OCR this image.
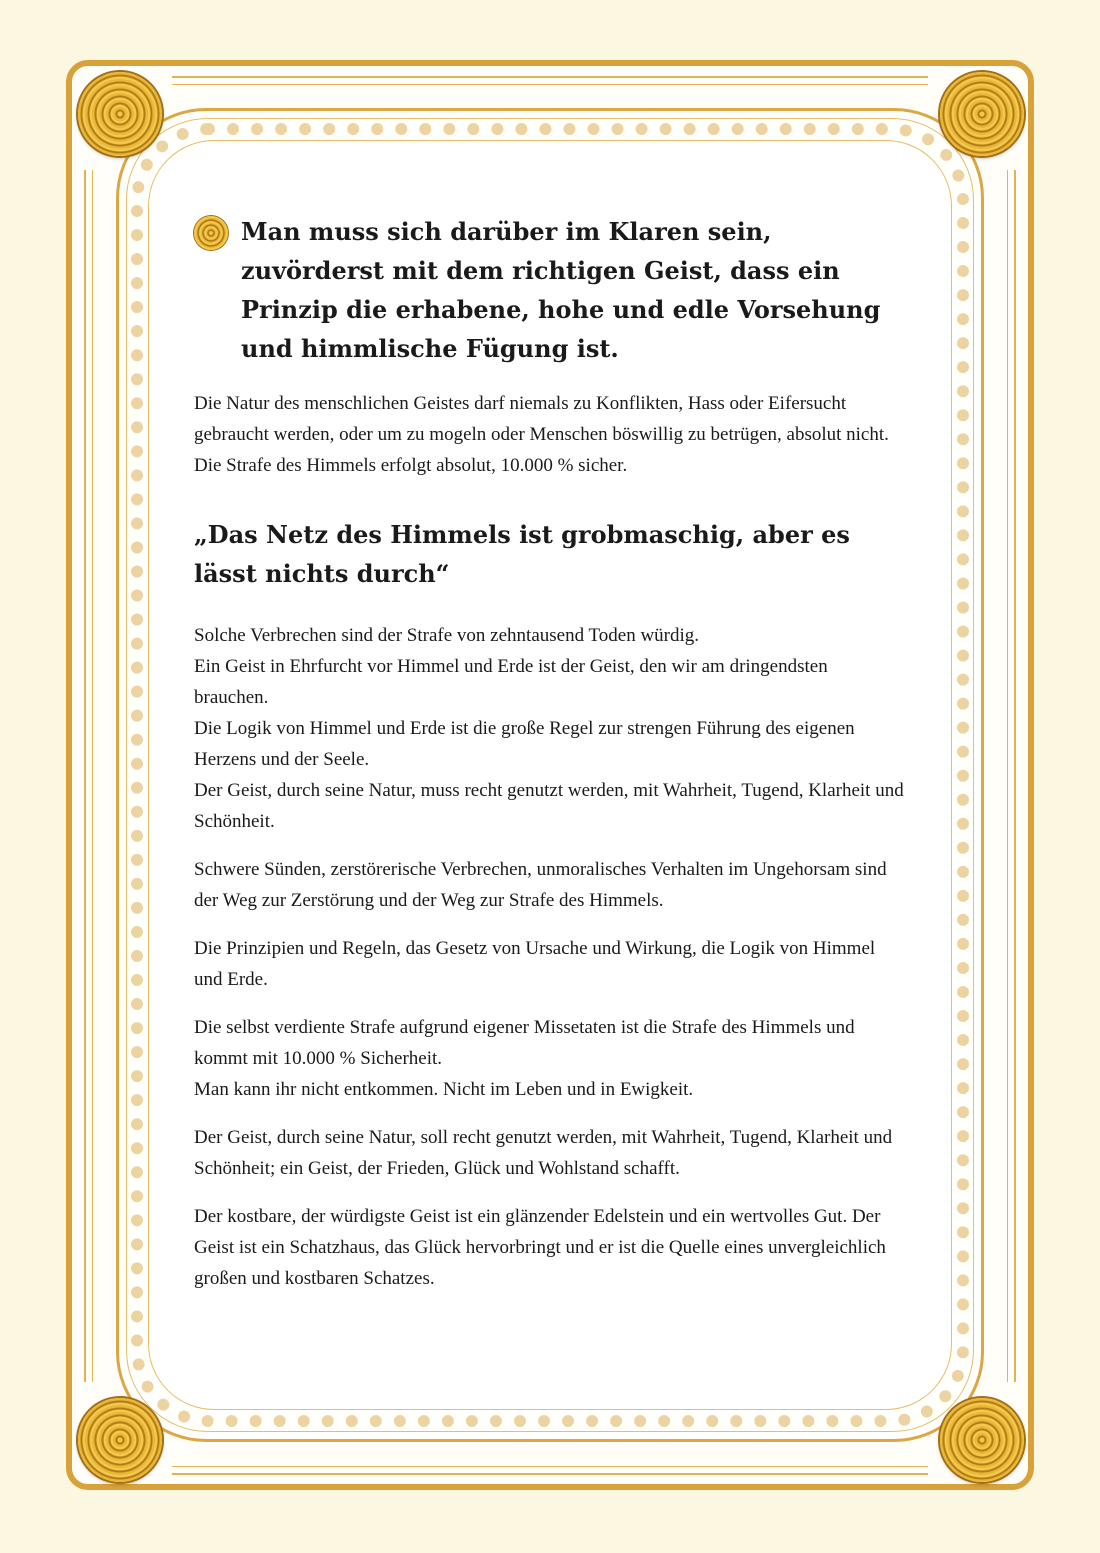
Man muss sich darüber im Klaren sein, zuvörderst mit dem richtigen Geist, dass ein Prinzip die erhabene, hohe und edle Vorsehung und himmlische Fügung ist.

Die Natur des menschlichen Geistes darf niemals zu Konflikten, Hass oder Eifersucht gebraucht werden, oder um zu mogeln oder Menschen böswillig zu betrügen, absolut nicht.

Die Strafe des Himmels erfolgt absolut, 10.000 % sicher.

„Das Netz des Himmels ist grobmaschig, aber es lässt nichts durch“

Solche Verbrechen sind der Strafe von zehntausend Toden würdig.

Ein Geist in Ehrfurcht vor Himmel und Erde ist der Geist, den wir am dringendsten brauchen.

Die Logik von Himmel und Erde ist die große Regel zur strengen Führung des eigenen Herzens und der Seele.

Der Geist, durch seine Natur, muss recht genutzt werden, mit Wahrheit, Tugend, Klarheit und Schönheit.

Schwere Sünden, zerstörerische Verbrechen, unmoralisches Verhalten im Ungehorsam sind der Weg zur Zerstörung und der Weg zur Strafe des Himmels.

Die Prinzipien und Regeln, das Gesetz von Ursache und Wirkung, die Logik von Himmel und Erde.

Die selbst verdiente Strafe aufgrund eigener Missetaten ist die Strafe des Himmels und kommt mit 10.000 % Sicherheit.

Man kann ihr nicht entkommen. Nicht im Leben und in Ewigkeit.

Der Geist, durch seine Natur, soll recht genutzt werden, mit Wahrheit, Tugend, Klarheit und Schönheit; ein Geist, der Frieden, Glück und Wohlstand schafft.

Der kostbare, der würdigste Geist ist ein glänzender Edelstein und ein wertvolles Gut. Der Geist ist ein Schatzhaus, das Glück hervorbringt und er ist die Quelle eines unvergleichlich großen und kostbaren Schatzes.
